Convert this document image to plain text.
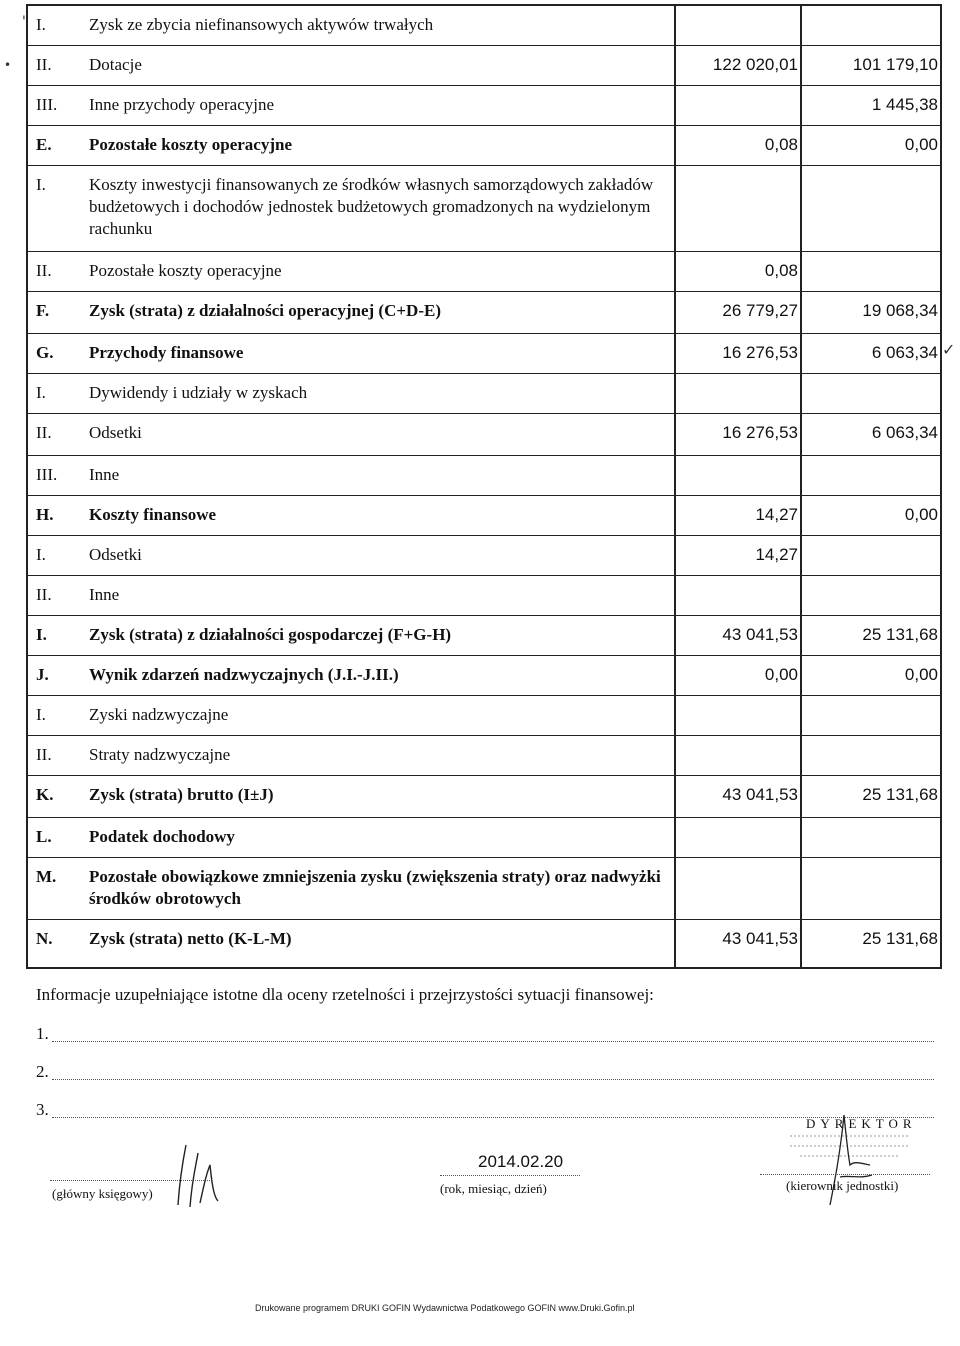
I.	Zysk ze zbycia niefinansowych aktywów trwałych		

II.	Dotacje	122 020,01	101 179,10

III.	Inne przychody operacyjne		1 445,38

E.	Pozostałe koszty operacyjne	0,08	0,00

I.	Koszty inwestycji finansowanych ze środków własnych samorządowych zakładów budżetowych i dochodów jednostek budżetowych gromadzonych na wydzielonym rachunku		

II.	Pozostałe koszty operacyjne	0,08	

F.	Zysk (strata) z działalności operacyjnej (C+D-E)	26 779,27	19 068,34

G.	Przychody finansowe	16 276,53	6 063,34

I.	Dywidendy i udziały w zyskach		

II.	Odsetki	16 276,53	6 063,34

III.	Inne		

H.	Koszty finansowe	14,27	0,00

I.	Odsetki	14,27	

II.	Inne		

I.	Zysk (strata) z działalności gospodarczej (F+G-H)	43 041,53	25 131,68

J.	Wynik zdarzeń nadzwyczajnych (J.I.-J.II.)	0,00	0,00

I.	Zyski nadzwyczajne		

II.	Straty nadzwyczajne		

K.	Zysk (strata) brutto (I±J)	43 041,53	25 131,68

L.	Podatek dochodowy		

M.	Pozostałe obowiązkowe zmniejszenia zysku (zwiększenia straty) oraz nadwyżki środków obrotowych		

N.	Zysk (strata) netto (K-L-M)	43 041,53	25 131,68
'
•
✓
Informacje uzupełniające istotne dla oceny rzetelności i przejrzystości sytuacji finansowej:
1.
2.
3.
(główny księgowy)
2014.02.20
(rok, miesiąc, dzień)
DYREKTOR
(kierownik jednostki)
Drukowane programem DRUKI GOFIN Wydawnictwa Podatkowego GOFIN www.Druki.Gofin.pl
